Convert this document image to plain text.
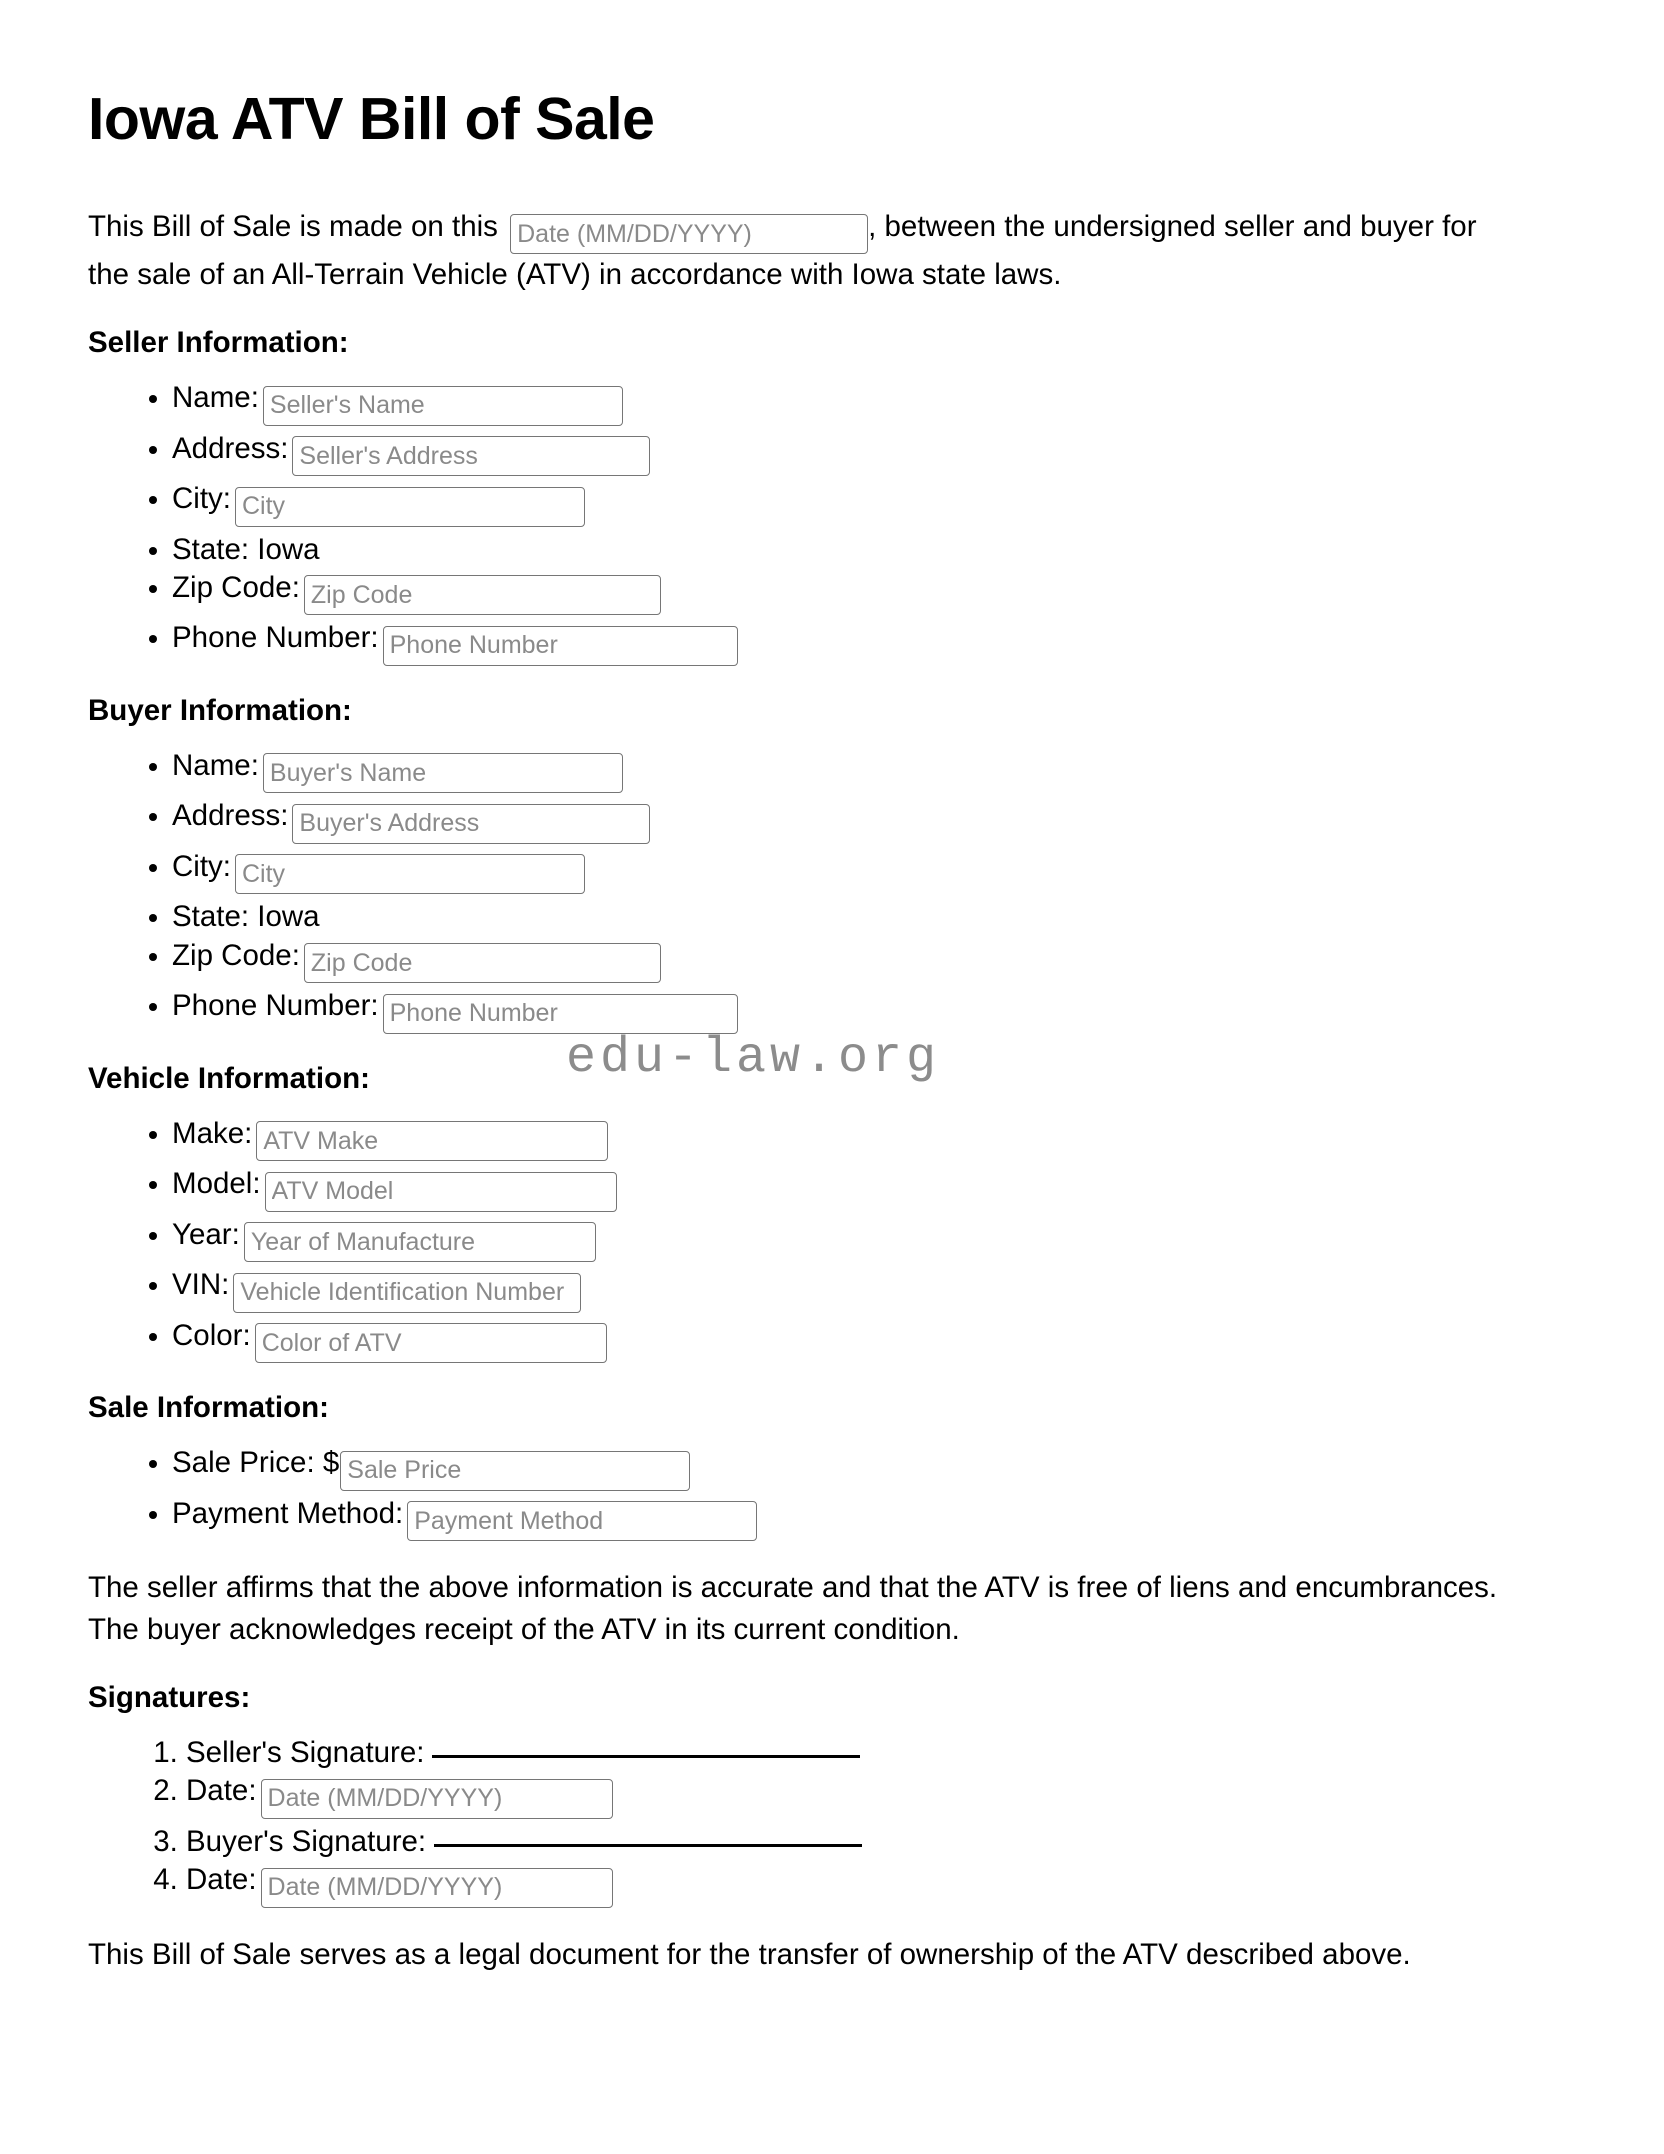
Iowa ATV Bill of Sale

This Bill of Sale is made on this Date (MM/DD/YYYY)	, between the undersigned seller and buyer for the sale of an All-Terrain Vehicle (ATV) in accordance with Iowa state laws.

Seller Information:
• Name:Seller's Name
• Address:Seller's Address
• City:City
• State: Iowa
• Zip Code:Zip Code
• Phone Number:Phone Number
Buyer Information:
• Name:Buyer's Name
• Address:Buyer's Address
• City:City
• State: Iowa
• Zip Code:Zip Code
• Phone Number:Phone Number
Vehicle Information:
• Make:ATV Make
• Model:ATV Model
• Year:Year of Manufacture
• VIN:Vehicle Identification Number
• Color:Color of ATV
Sale Information:
• Sale Price: $Sale Price
• Payment Method:Payment Method

The seller affirms that the above information is accurate and that the ATV is free of liens and encumbrances. The buyer acknowledges receipt of the ATV in its current condition.

Signatures:
1. Seller's Signature:
2. Date:Date (MM/DD/YYYY)
3. Buyer's Signature:
4. Date:Date (MM/DD/YYYY)

This Bill of Sale serves as a legal document for the transfer of ownership of the ATV described above.

edu-law.org
